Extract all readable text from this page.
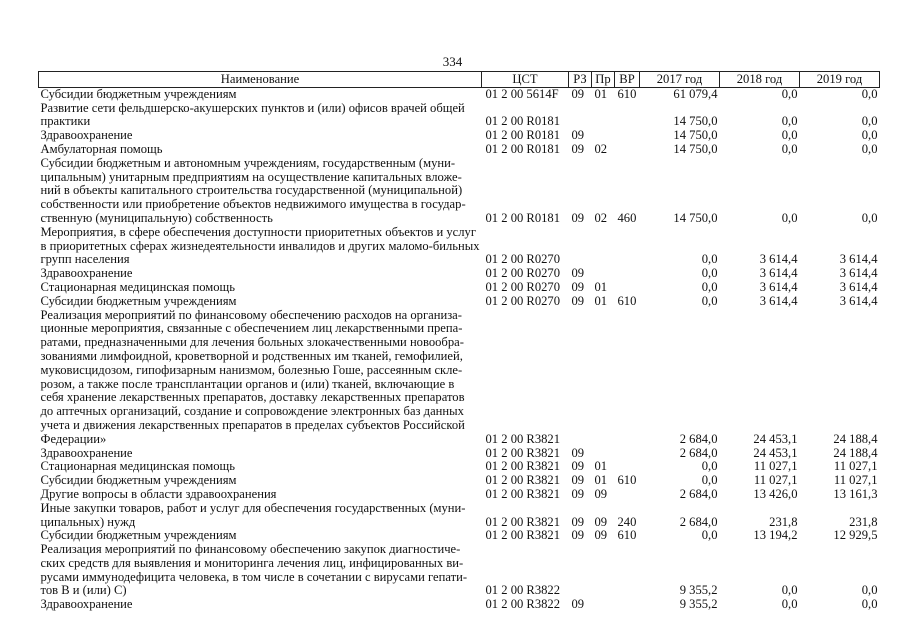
334
Наименование	ЦСТ	РЗ	Пр	ВР	2017 год	2018 год	2019 год
Субсидии бюджетным учреждениям	01 2 00 5614F	09	01	610	61 079,4	0,0	0,0
Развитие сети фельдшерско-акушерских пунктов и (или) офисов врачей общей практики	01 2 00 R0181				14 750,0	0,0	0,0
Здравоохранение	01 2 00 R0181	09			14 750,0	0,0	0,0
Амбулаторная помощь	01 2 00 R0181	09	02		14 750,0	0,0	0,0
Субсидии бюджетным и автономным учреждениям, государственным (муни-ципальным) унитарным предприятиям на осуществление капитальных вложе-ний в объекты капитального строительства государственной (муниципальной) собственности или приобретение объектов недвижимого имущества в государ-ственную (муниципальную) собственность	01 2 00 R0181	09	02	460	14 750,0	0,0	0,0
Мероприятия, в сфере обеспечения доступности приоритетных объектов и услуг в приоритетных сферах жизнедеятельности инвалидов и других маломо-бильных групп населения	01 2 00 R0270				0,0	3 614,4	3 614,4
Здравоохранение	01 2 00 R0270	09			0,0	3 614,4	3 614,4
Стационарная медицинская помощь	01 2 00 R0270	09	01		0,0	3 614,4	3 614,4
Субсидии бюджетным учреждениям	01 2 00 R0270	09	01	610	0,0	3 614,4	3 614,4
Реализация мероприятий по финансовому обеспечению расходов на организа-ционные мероприятия, связанные с обеспечением лиц лекарственными препа-ратами, предназначенными для лечения больных злокачественными новообра-зованиями лимфоидной, кроветворной и родственных им тканей, гемофилией, муковисцидозом, гипофизарным нанизмом, болезнью Гоше, рассеянным скле-розом, а также после трансплантации органов и (или) тканей, включающие в себя хранение лекарственных препаратов, доставку лекарственных препаратов до аптечных организаций, создание и сопровождение электронных баз данных учета и движения лекарственных препаратов в пределах субъектов Российской Федерации»	01 2 00 R3821				2 684,0	24 453,1	24 188,4
Здравоохранение	01 2 00 R3821	09			2 684,0	24 453,1	24 188,4
Стационарная медицинская помощь	01 2 00 R3821	09	01		0,0	11 027,1	11 027,1
Субсидии бюджетным учреждениям	01 2 00 R3821	09	01	610	0,0	11 027,1	11 027,1
Другие вопросы в области здравоохранения	01 2 00 R3821	09	09		2 684,0	13 426,0	13 161,3
Иные закупки товаров, работ и услуг для обеспечения государственных (муни-ципальных) нужд	01 2 00 R3821	09	09	240	2 684,0	231,8	231,8
Субсидии бюджетным учреждениям	01 2 00 R3821	09	09	610	0,0	13 194,2	12 929,5
Реализация мероприятий по финансовому обеспечению закупок диагностиче-ских средств для выявления и мониторинга лечения лиц, инфицированных ви-русами иммунодефицита человека, в том числе в сочетании с вирусами гепати-тов В и (или) С)	01 2 00 R3822				9 355,2	0,0	0,0
Здравоохранение	01 2 00 R3822	09			9 355,2	0,0	0,0
